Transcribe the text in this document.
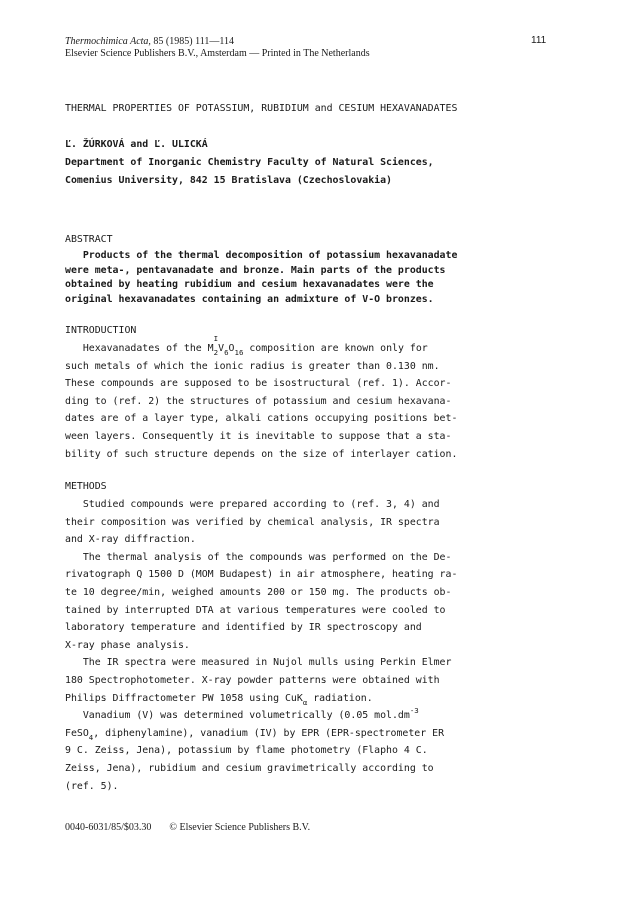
Thermochimica Acta, 85 (1985) 111—114
Elsevier Science Publishers B.V., Amsterdam — Printed in The Netherlands
111
THERMAL PROPERTIES OF POTASSIUM, RUBIDIUM and CESIUM HEXAVANADATES
Ľ. ŽÚRKOVÁ and Ľ. ULICKÁ
Department of Inorganic Chemistry Faculty of Natural Sciences,
Comenius University, 842 15 Bratislava (Czechoslovakia)
ABSTRACT
Products of the thermal decomposition of potassium hexavanadate
were meta-, pentavanadate and bronze. Main parts of the products
obtained by heating rubidium and cesium hexavanadates were the
original hexavanadates containing an admixture of V-O bronzes.
INTRODUCTION
Hexavanadates of the M
I
$_2V_6O_{16}$ composition are known only for
such metals of which the ionic radius is greater than 0.130 nm.
These compounds are supposed to be isostructural (ref. 1). Accor-
ding to (ref. 2) the structures of potassium and cesium hexavana-
dates are of a layer type, alkali cations occupying positions bet-
ween layers. Consequently it is inevitable to suppose that a sta-
bility of such structure depends on the size of interlayer cation.
METHODS
Studied compounds were prepared according to (ref. 3, 4) and
their composition was verified by chemical analysis, IR spectra
and X-ray diffraction.
The thermal analysis of the compounds was performed on the De-
rivatograph Q 1500 D (MOM Budapest) in air atmosphere, heating ra-
te 10 degree/min, weighed amounts 200 or 150 mg. The products ob-
tained by interrupted DTA at various temperatures were cooled to
laboratory temperature and identified by IR spectroscopy and
X-ray phase analysis.
The IR spectra were measured in Nujol mulls using Perkin Elmer
180 Spectrophotometer. X-ray powder patterns were obtained with
Philips Diffractometer PW 1058 using CuK$_\alpha$ radiation.
Vanadium (V) was determined volumetrically (0.05 $mol.dm^{-3}$
FeSO$_4$, diphenylamine), vanadium (IV) by EPR (EPR-spectrometer ER
9 C. Zeiss, Jena), potassium by flame photometry (Flapho 4 C.
Zeiss, Jena), rubidium and cesium gravimetrically according to
(ref. 5).
0040-6031/85/$03.30 © Elsevier Science Publishers B.V.
